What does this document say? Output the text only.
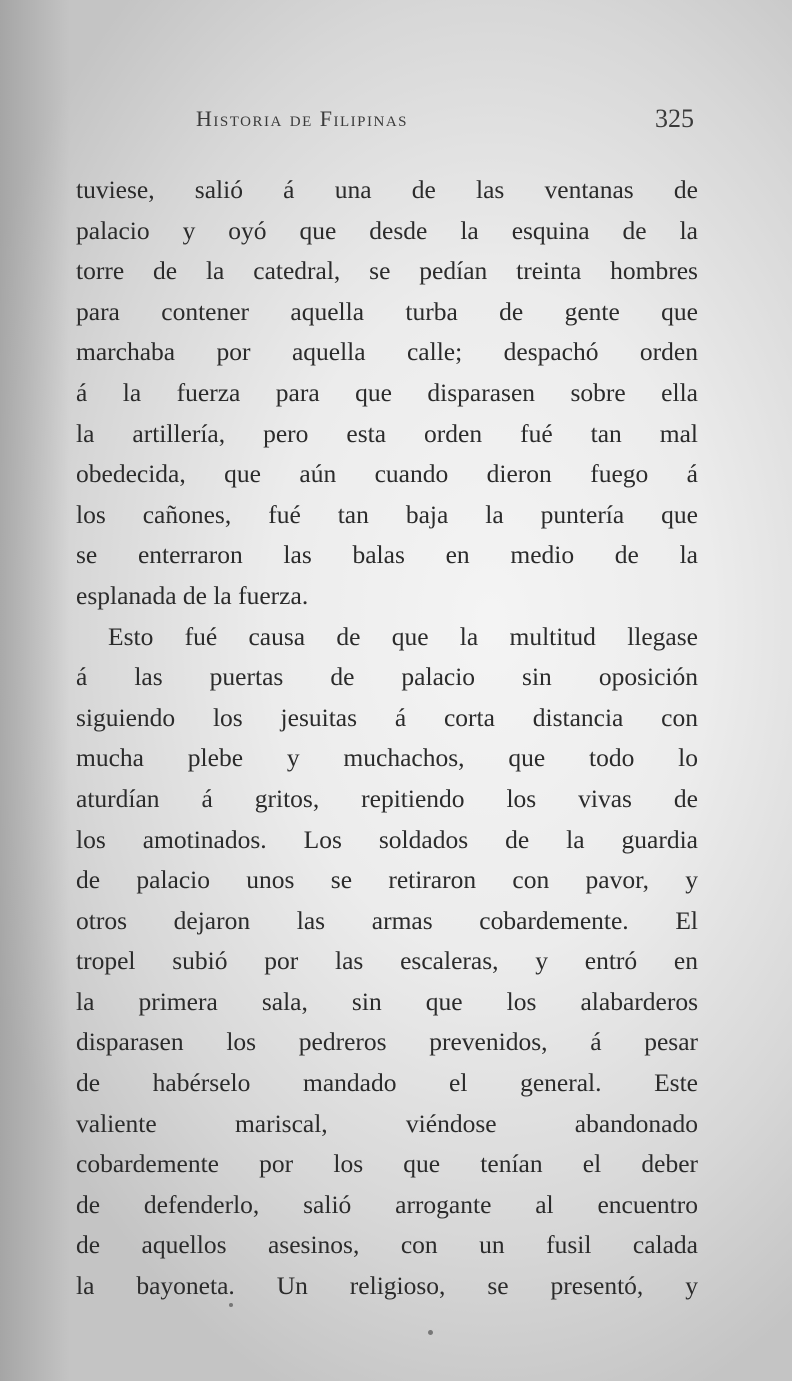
Historia de Filipinas	325
tuviese, salió á una de las ventanas de
palacio y oyó que desde la esquina de la
torre de la catedral, se pedían treinta hombres
para contener aquella turba de gente que
marchaba por aquella calle; despachó orden
á la fuerza para que disparasen sobre ella
la artillería, pero esta orden fué tan mal
obedecida, que aún cuando dieron fuego á
los cañones, fué tan baja la puntería que
se enterraron las balas en medio de la
esplanada de la fuerza.
Esto fué causa de que la multitud llegase
á las puertas de palacio sin oposición
siguiendo los jesuitas á corta distancia con
mucha plebe y muchachos, que todo lo
aturdían á gritos, repitiendo los vivas de
los amotinados. Los soldados de la guardia
de palacio unos se retiraron con pavor, y
otros dejaron las armas cobardemente. El
tropel subió por las escaleras, y entró en
la primera sala, sin que los alabarderos
disparasen los pedreros prevenidos, á pesar
de habérselo mandado el general. Este
valiente mariscal, viéndose abandonado
cobardemente por los que tenían el deber
de defenderlo, salió arrogante al encuentro
de aquellos asesinos, con un fusil calada
la bayoneta. Un religioso, se presentó, y
